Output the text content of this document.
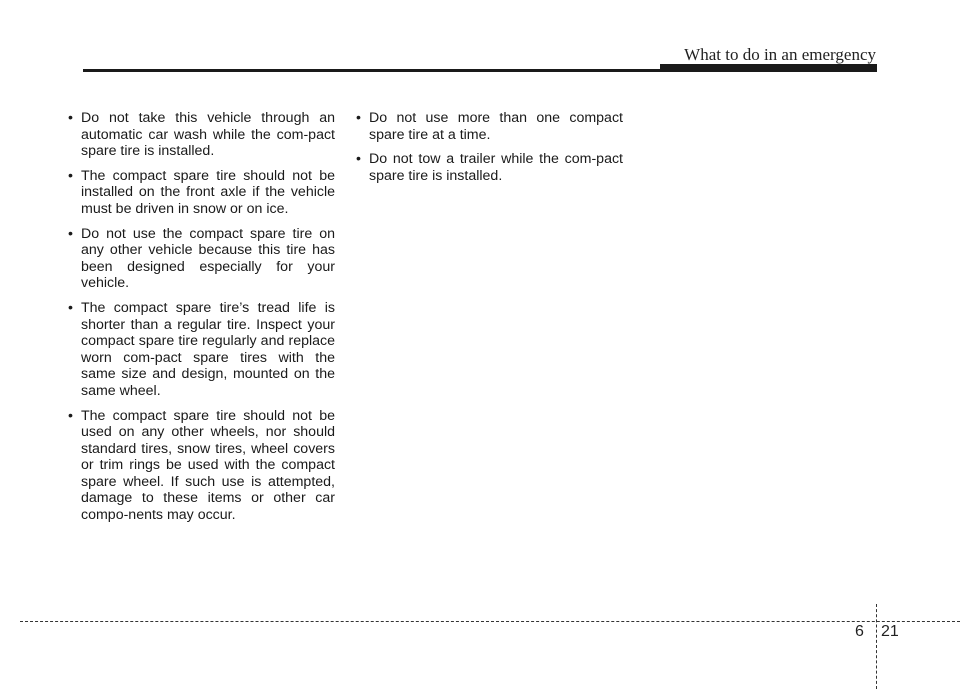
What to do in an emergency
• Do not take this vehicle through an automatic car wash while the com-pact spare tire is installed.
• The compact spare tire should not be installed on the front axle if the vehicle must be driven in snow or on ice.
• Do not use the compact spare tire on any other vehicle because this tire has been designed especially for your vehicle.
• The compact spare tire’s tread life is shorter than a regular tire. Inspect your compact spare tire regularly and replace worn com-pact spare tires with the same size and design, mounted on the same wheel.
• The compact spare tire should not be used on any other wheels, nor should standard tires, snow tires, wheel covers or trim rings be used with the compact spare wheel. If such use is attempted, damage to these items or other car compo-nents may occur.
• Do not use more than one compact spare tire at a time.
• Do not tow a trailer while the com-pact spare tire is installed.
6 21
